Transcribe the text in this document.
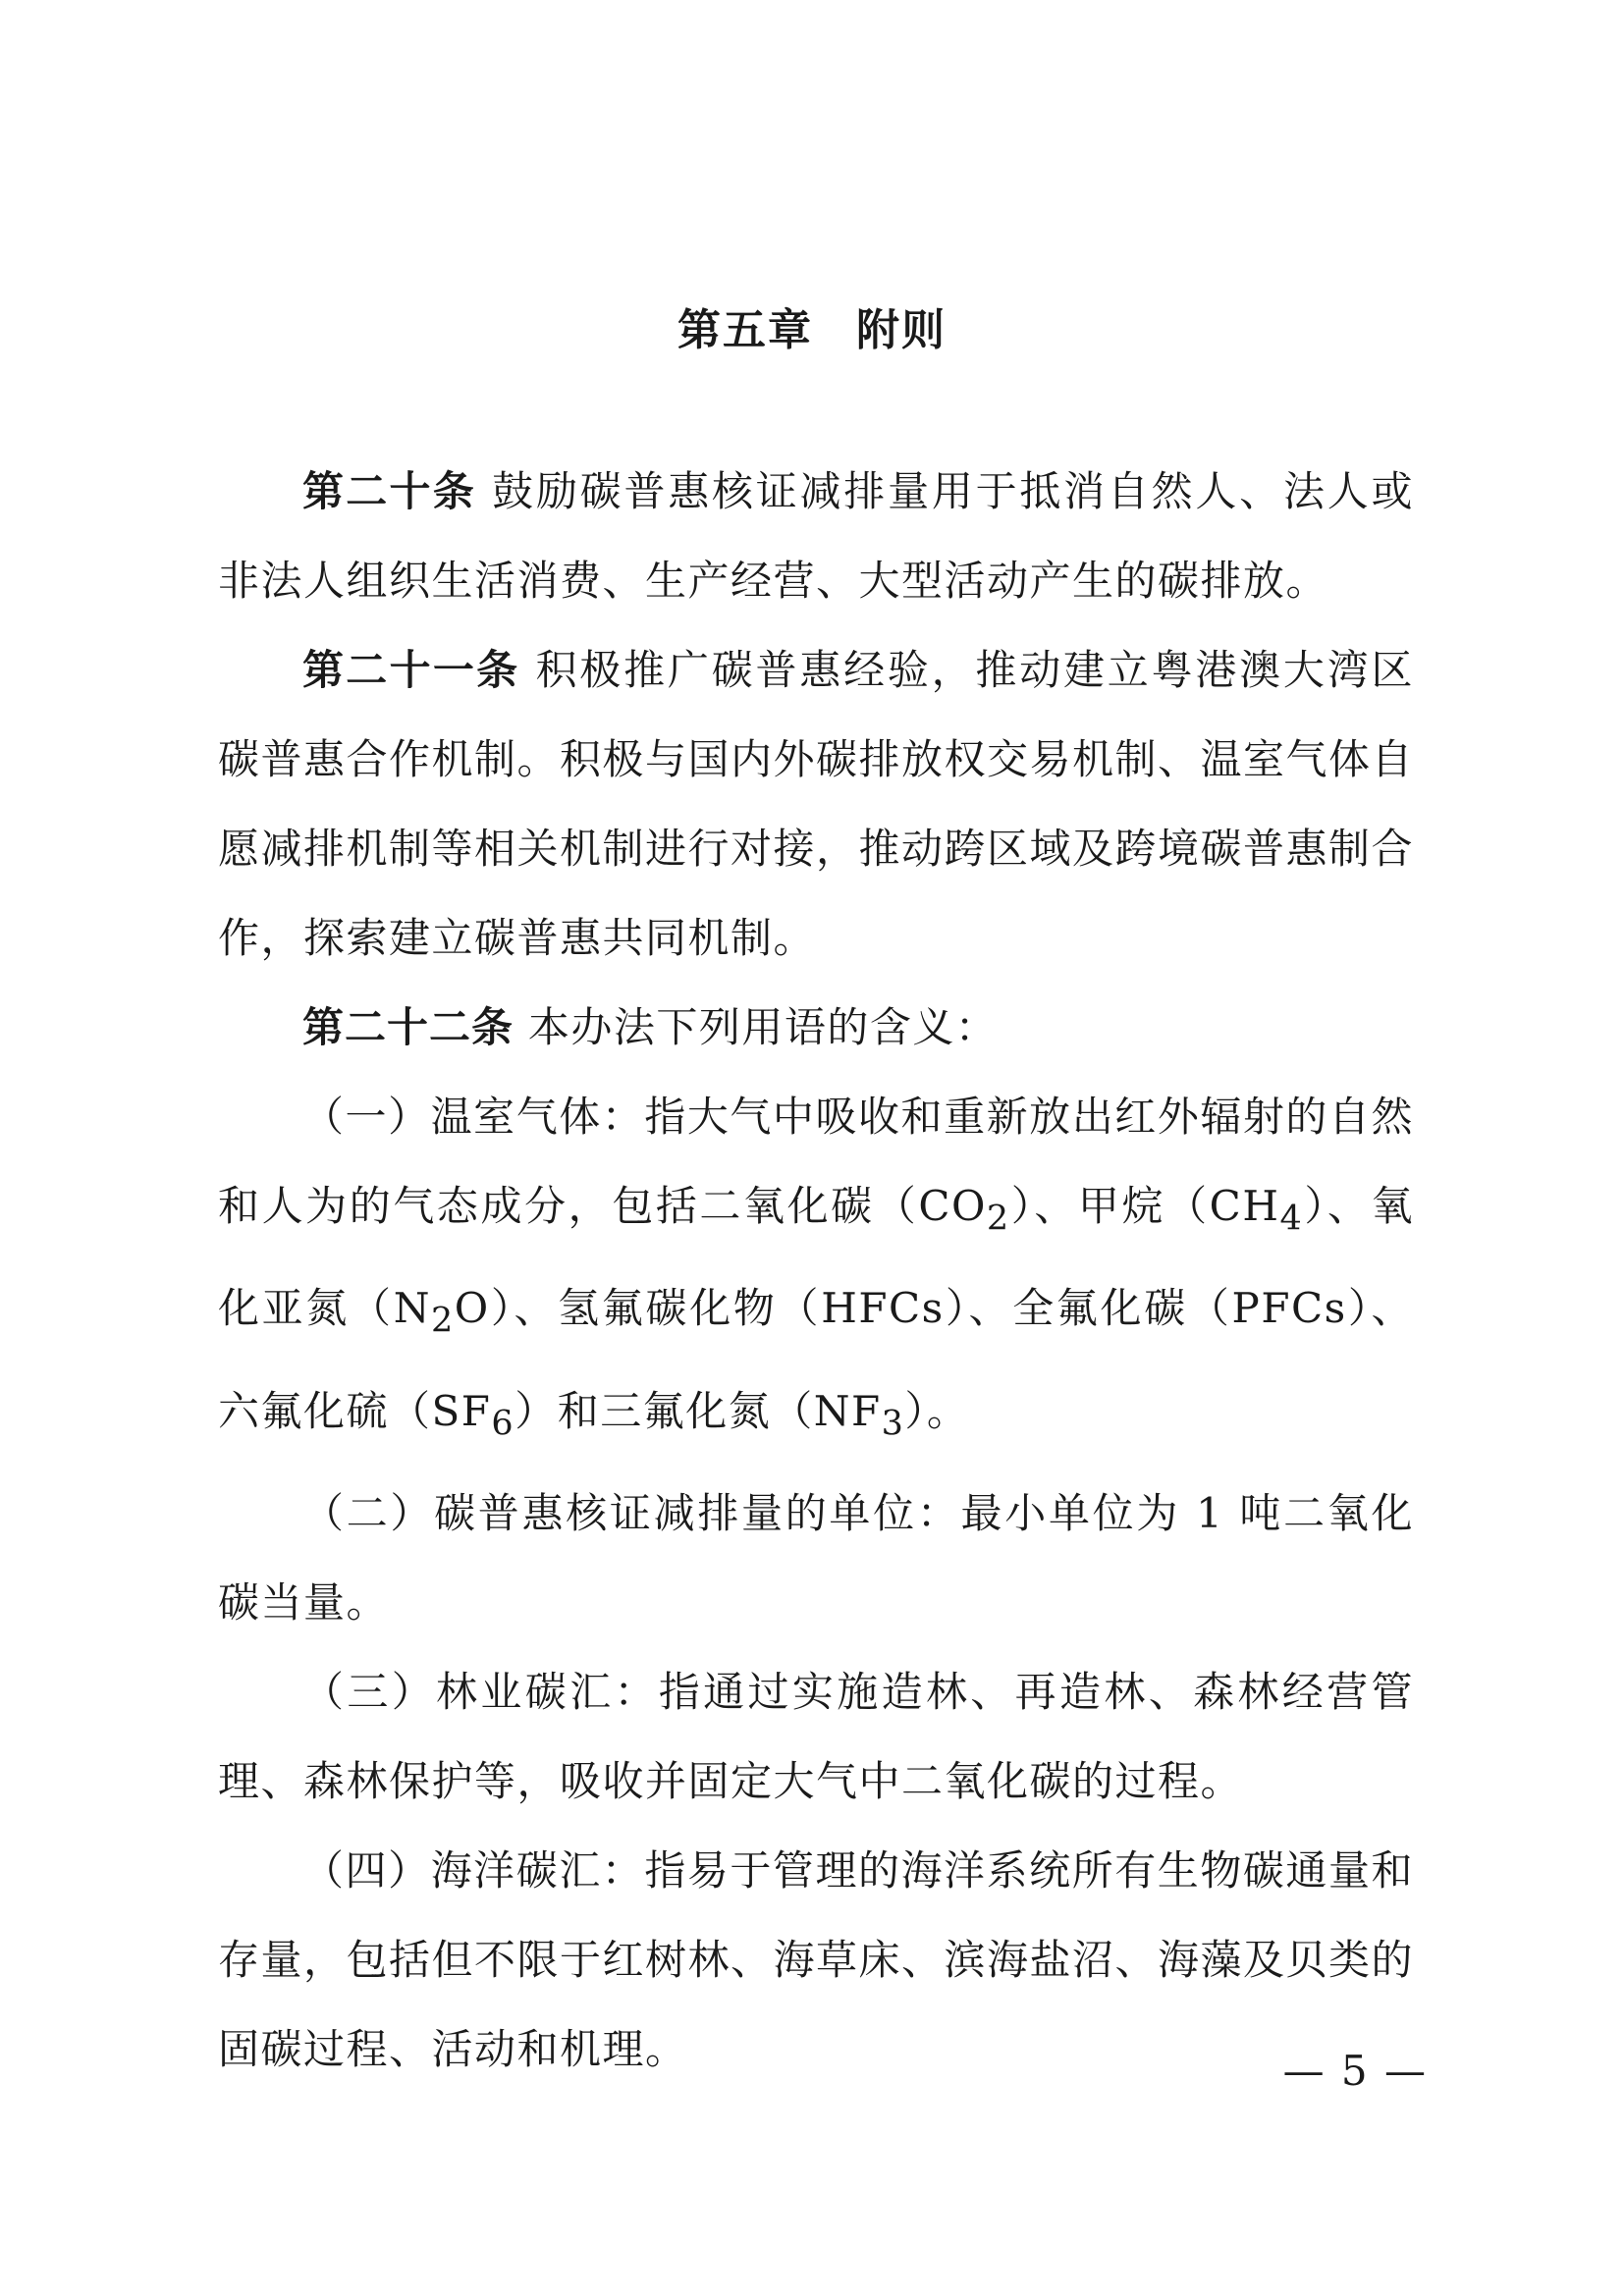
第五章 附则

第二十条 鼓励碳普惠核证减排量用于抵消自然人、法人或非法人组织生活消费、生产经营、大型活动产生的碳排放。

第二十一条 积极推广碳普惠经验，推动建立粤港澳大湾区碳普惠合作机制。积极与国内外碳排放权交易机制、温室气体自愿减排机制等相关机制进行对接，推动跨区域及跨境碳普惠制合作，探索建立碳普惠共同机制。

第二十二条 本办法下列用语的含义：

（一）温室气体：指大气中吸收和重新放出红外辐射的自然和人为的气态成分，包括二氧化碳$(CO_2)$、甲烷$(CH_4)$、氧化亚氮$(N_2O)$、氢氟碳化物（HFCs）、全氟化碳（PFCs）、六氟化硫$(SF_6)$和三氟化氮$(NF_3)$。

（二）碳普惠核证减排量的单位：最小单位为 1 吨二氧化碳当量。

（三）林业碳汇：指通过实施造林、再造林、森林经营管理、森林保护等，吸收并固定大气中二氧化碳的过程。

（四）海洋碳汇：指易于管理的海洋系统所有生物碳通量和存量，包括但不限于红树林、海草床、滨海盐沼、海藻及贝类的固碳过程、活动和机理。	— 5 —
